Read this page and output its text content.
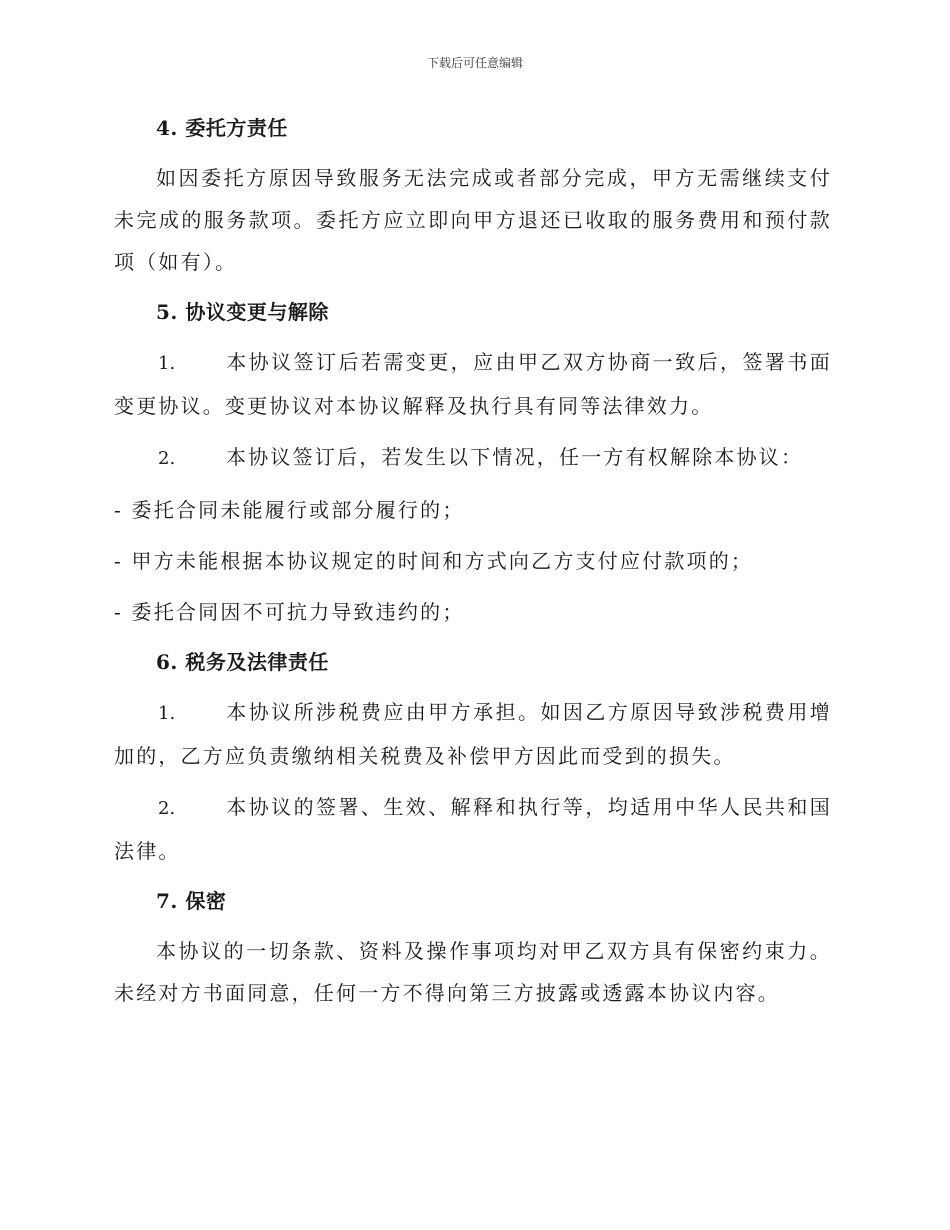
下载后可任意编辑
4. 委托方责任
如因委托方原因导致服务无法完成或者部分完成，甲方无需继续支付未完成的服务款项。委托方应立即向甲方退还已收取的服务费用和预付款项（如有）。
5. 协议变更与解除
1.	本协议签订后若需变更，应由甲乙双方协商一致后，签署书面变更协议。变更协议对本协议解释及执行具有同等法律效力。
2.	本协议签订后，若发生以下情况，任一方有权解除本协议：
- 委托合同未能履行或部分履行的；
- 甲方未能根据本协议规定的时间和方式向乙方支付应付款项的；
- 委托合同因不可抗力导致违约的；
6. 税务及法律责任
1.	本协议所涉税费应由甲方承担。如因乙方原因导致涉税费用增加的，乙方应负责缴纳相关税费及补偿甲方因此而受到的损失。
2.	本协议的签署、生效、解释和执行等，均适用中华人民共和国法律。
7. 保密
本协议的一切条款、资料及操作事项均对甲乙双方具有保密约束力。未经对方书面同意，任何一方不得向第三方披露或透露本协议内容。
